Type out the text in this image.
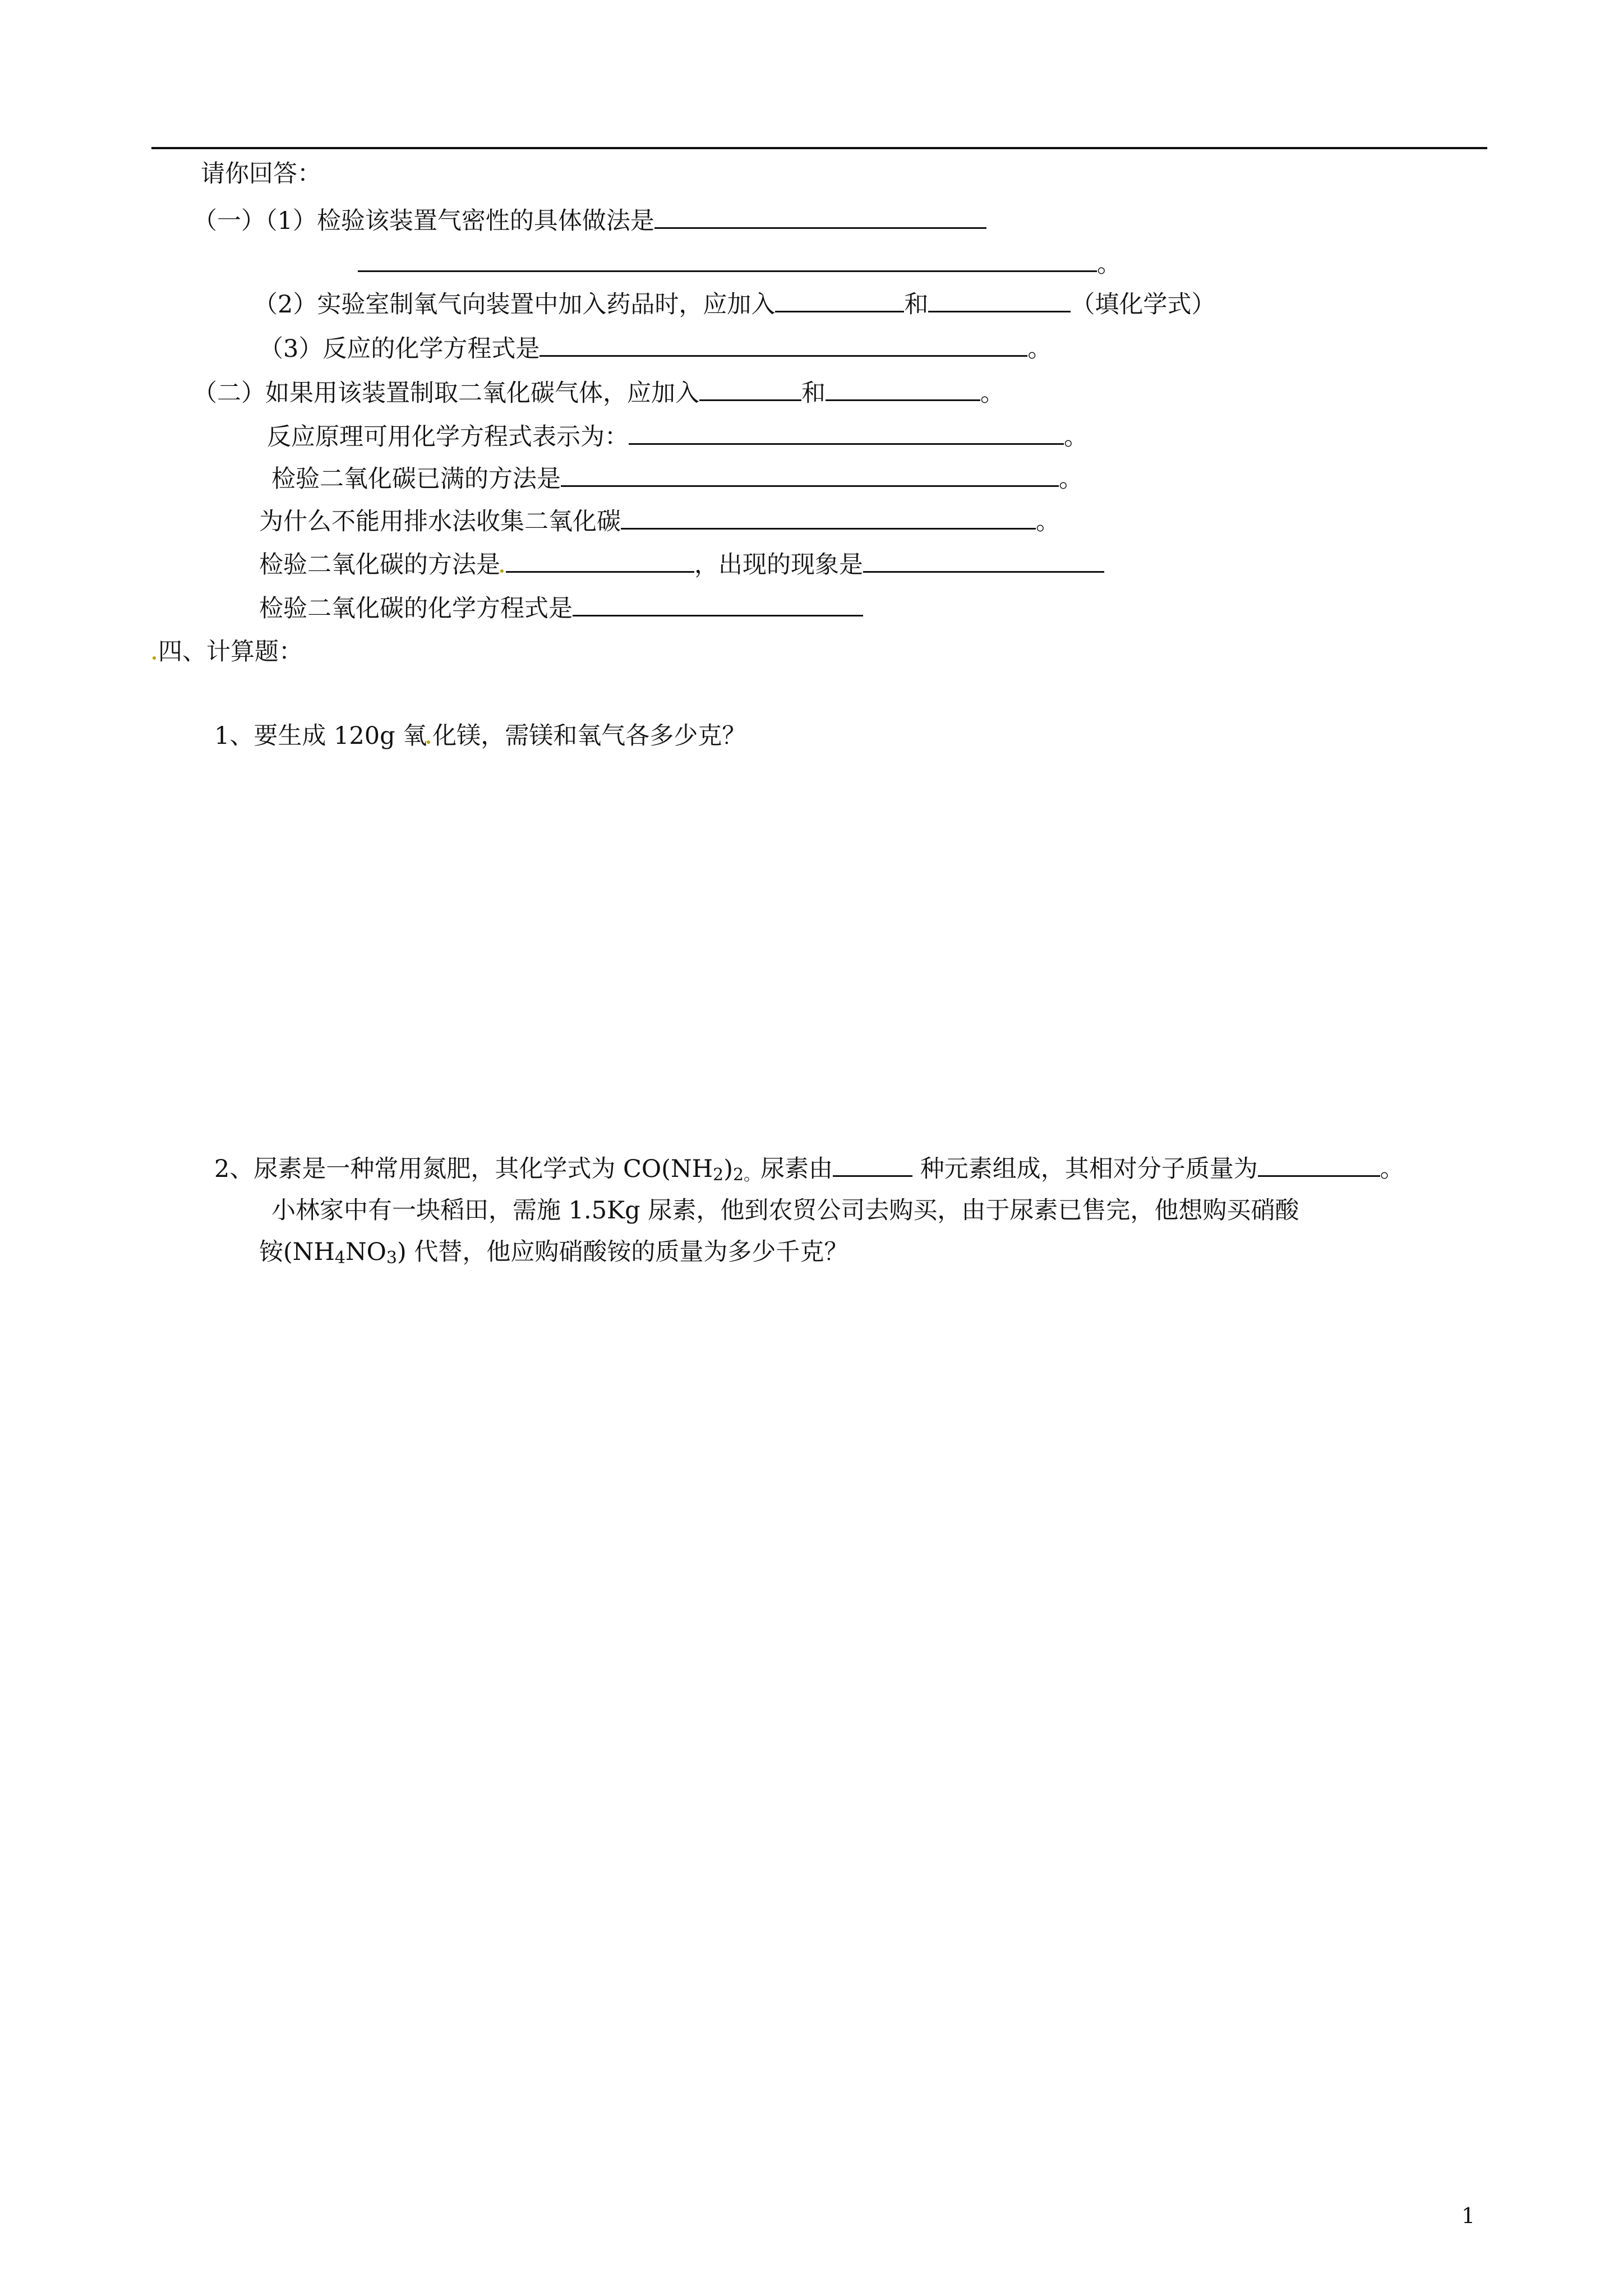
请你回答：
（一）（1）检验该装置气密性的具体做法是
。
（2）实验室制氧气向装置中加入药品时，应加入	和	（填化学式）
（3）反应的化学方程式是	。
（二）如果用该装置制取二氧化碳气体，应加入	和	。
反应原理可用化学方程式表示为：	。
检验二氧化碳已满的方法是	。
为什么不能用排水法收集二氧化碳	。
检验二氧化碳的方法是	，出现的现象是
检验二氧化碳的化学方程式是
四、计算题：
1、要生成 120g 氧 化镁，需镁和氧气各多少克？
2、尿素是一种常用氮肥，其化学式为 $CO(NH_2)_{2。}$尿素由	种元素组成，其相对分子质量为	。
小林家中有一块稻田，需施 1.5Kg 尿素，他到农贸公司去购买，由于尿素已售完，他想购买硝酸
铵$(NH_4NO_3)$ 代替，他应购硝酸铵的质量为多少千克？
1
